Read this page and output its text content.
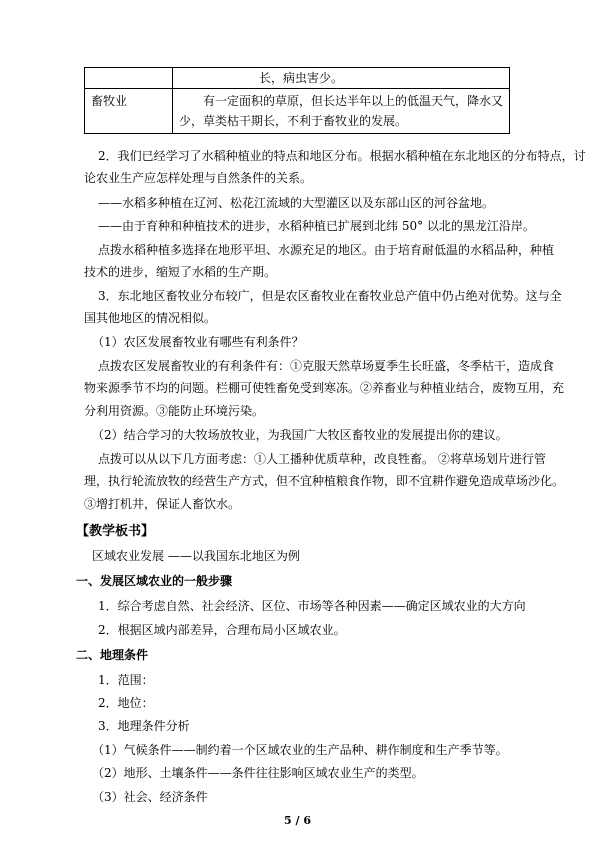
	长，病虫害少。
畜牧业	有一定面积的草原，但长达半年以上的低温天气，降水又
少，草类枯干期长，不利于畜牧业的发展。
2．我们已经学习了水稻种植业的特点和地区分布。根据水稻种植在东北地区的分布特点，讨
论农业生产应怎样处理与自然条件的关系。
——水稻多种植在辽河、松花江流域的大型灌区以及东部山区的河谷盆地。
——由于育种和种植技术的进步，水稻种植已扩展到北纬 50° 以北的黑龙江沿岸。
点拨水稻种植多选择在地形平坦、水源充足的地区。由于培育耐低温的水稻品种，种植
技术的进步，缩短了水稻的生产期。
3．东北地区畜牧业分布较广，但是农区畜牧业在畜牧业总产值中仍占绝对优势。这与全
国其他地区的情况相似。
（1）农区发展畜牧业有哪些有利条件？
点拨农区发展畜牧业的有利条件有：①克服天然草场夏季生长旺盛，冬季枯干，造成食
物来源季节不均的问题。栏棚可使牲畜免受到寒冻。②养畜业与种植业结合，废物互用，充
分利用资源。③能防止环境污染。
（2）结合学习的大牧场放牧业，为我国广大牧区畜牧业的发展提出你的建议。
点拨可以从以下几方面考虑：①人工播种优质草种，改良牲畜。 ②将草场划片进行管
理，执行轮流放牧的经营生产方式，但不宜种植粮食作物，即不宜耕作避免造成草场沙化。
③增打机井，保证人畜饮水。
【教学板书】
区域农业发展 ——以我国东北地区为例
一、发展区域农业的一般步骤
1．综合考虑自然、社会经济、区位、市场等各种因素——确定区域农业的大方向
2．根据区域内部差异，合理布局小区域农业。
二、地理条件
1．范围：
2．地位：
3．地理条件分析
（1）气候条件——制约着一个区域农业的生产品种、耕作制度和生产季节等。
（2）地形、土壤条件——条件往往影响区域农业生产的类型。
（3）社会、经济条件
5 / 6
